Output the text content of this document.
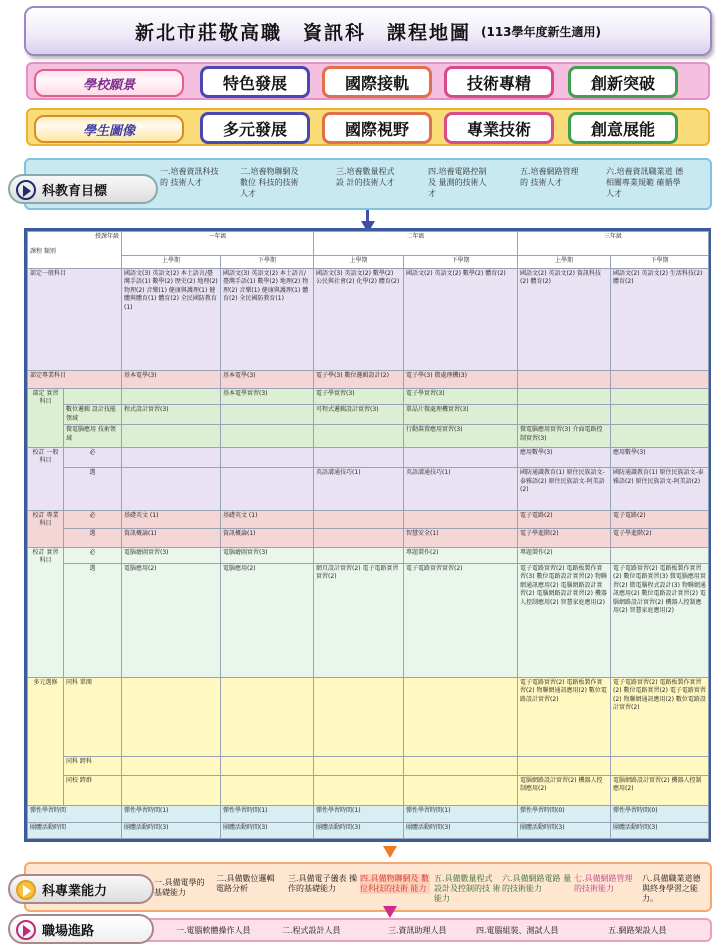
新北市莊敬高職　資訊科　課程地圖 (113學年度新生適用)
學校願景	特色發展	國際接軌	技術專精	創新突破
學生圖像	多元發展	國際視野	專業技術	創意展能
科教育目標
一.培養資訊科技的 技術人才
二.培養物聯網及數位 科技的技術人才
三.培養數量程式設 計的技術人才
四.培養電路控制及 量測的技術人才
五.培養網路管理的 技術人才
六.培養資訊職業道 德相關專業規範 確循學人才
授課年級
課程 類別		一年級		二年級		三年級	
		上學期	下學期	上學期	下學期	上學期	下學期
部定一般科目		國語文(3) 英語文(2) 本土語言/臺灣手語(1) 數學(2) 歷史(2) 地理(2) 物理(2) 音樂(1) 健康與護理(1) 健體與體育(1) 體育(2) 全民國防教育(1)	國語文(3) 英語文(2) 本土語言/臺灣手語(1) 數學(2) 地理(2) 物理(2) 音樂(1) 健康與護理(1) 體育(2) 全民國防教育(1)	國語文(3) 英語文(2) 數學(2) 公民與社會(2) 化學(2) 體育(2)	國語文(2) 英語文(2) 數學(2) 體育(2)	國語文(2) 英語文(2) 資訊科技(2) 體育(2)	國語文(2) 英語文(2) 生活科技(2) 體育(2)
部定專業科目		基本電學(3)	基本電學(3)	電子學(3) 數位邏輯設計(2)	電子學(3) 微處理機(3)		
部定 實習科目			基本電學實習(3)	電子學實習(3)	電子學實習(3)		
	數位邏輯 設計技能領域	程式設計實習(3)		可程式邏輯設計實習(3)	單晶片微處理機實習(3)		
	微電腦應用 技術領域				行動裝置應用實習(3)	微電腦應用實習(3) 介面電路控制實習(3)	
校訂 一般科目	必					應用數學(3)	應用數學(3)
	選			英語溝通技巧(1)	英語溝通技巧(1)	國防通識教育(1) 原住民族語文-泰雅語(2) 原住民族語文-阿美語(2)	國防通識教育(1) 原住民族語文-泰雅語(2) 原住民族語文-阿美語(2)
校訂 專業科目	必	基礎英文 (1)	基礎英文 (1)			電子電路(2)	電子電路(2)
	選	資訊概論(1)	資訊概論(1)		智慧安全(1)	電子學進階(2)	電子學進階(2)
校訂 實習科目	必	電腦繪圖實習(3)	電腦繪圖實習(3)		專題製作(2)	專題製作(2)	
	選	電腦應用(2)	電腦應用(2)	網頁設計實習(2) 電子電路實習實習(2)	電子電路實習實習(2)	電子電路實習(2) 電路板製作實習(3) 數位電路設計實習(2) 物聯網通訊應用(2) 電腦網路設計實習(2) 電腦網路設計實習(2) 機器人控制應用(2) 智慧家庭應用(2)	電子電路實習(2) 電路板製作實習(2) 數位電路實習(3) 微電腦應用實習(2) 微電腦程式設計(3) 物聯網通訊應用(2) 數位電路設計實習(2) 電腦網路設計實習(2) 機器人控制應用(2) 智慧家庭應用(2)
多元選修	同科 單開					電子電路實習(2) 電路板製作實習(2) 物聯網通訊應用(2) 數位電路設計實習(2)	電子電路實習(2) 電路板製作實習(2) 數位電路實習(2) 電子電路實習(2) 物聯網通訊應用(2) 數位電路設計實習(2)
	同科 跨科						
	同校 跨群					電腦網路設計實習(2) 機器人控制應用(2)	電腦網路設計實習(2) 機器人控制應用(2)
彈性學習時間		彈性學習時間(1)	彈性學習時間(1)	彈性學習時間(1)	彈性學習時間(1)	彈性學習時間(0)	彈性學習時間(0)
團體活動時間		團體活動時間(3)	團體活動時間(3)	團體活動時間(3)	團體活動時間(3)	團體活動時間(3)	團體活動時間(3)
科專業能力
一.具備電學的 基礎能力
二.具備數位邏輯 電路分析
三.具備電子儀表 操作的基礎能力
四.具備物聯網及 數位科技的技術 能力
五.具備數量程式 設計及控制的技 術能力
六.具備網路電路 量的技術能力
七.具備網路管理 的技術能力
八.具備職業道德 與終身學習之能 力。
職場進路	一.電腦軟體操作人員	二.程式設計人員	三.資訊助理人員	四.電腦組裝、測試人員	五.網路架設人員
